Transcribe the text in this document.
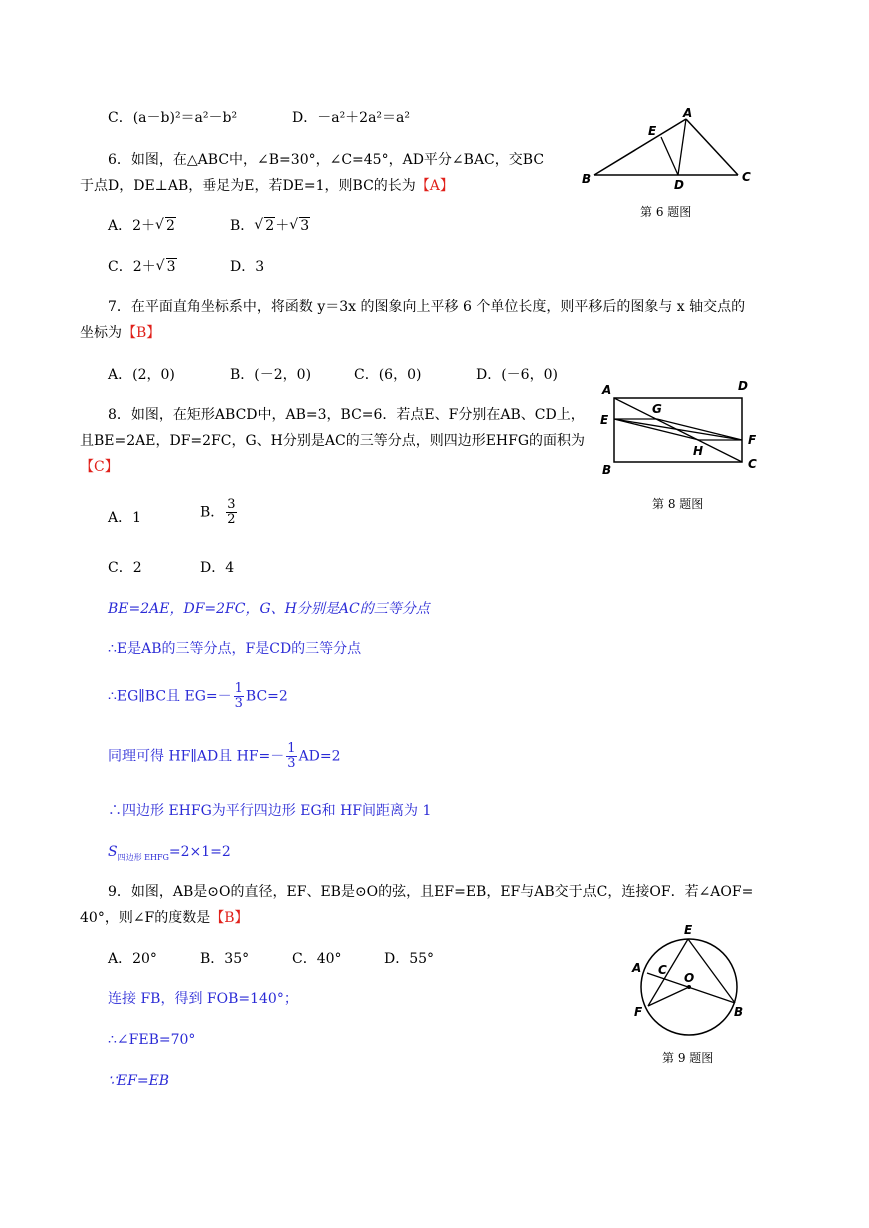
C．(a－b)²＝a²－b²	D．－a²＋2a²＝a²
6．如图，在△ABC中，∠B=30°，∠C=45°，AD平分∠BAC，交BC
于点D，DE⊥AB，垂足为E，若DE=1，则BC的长为【A】
A．2＋ √ 2	B． √ 2＋ √ 3
C．2＋ √ 3	D．3
A
E
B	D
C
第 6 题图
7．在平面直角坐标系中，将函数 y＝3x 的图象向上平移 6 个单位长度，则平移后的图象与 x 轴交点的
坐标为【B】
A．(2，0)	B．(－2，0)	C．(6，0)	D．(－6，0)
8．如图，在矩形ABCD中，AB=3，BC=6．若点E、F分别在AB、CD上，
且BE=2AE，DF=2FC，G、H分别是AC的三等分点，则四边形EHFG的面积为
【C】
A．1	B． $\frac{3}{2}$
C．2	D．4
A	D
G
E
F
H
B	C
第 8 题图
BE=2AE，DF=2FC，G、H分别是AC的三等分点
∴E是AB的三等分点，F是CD的三等分点
∴EG∥BC且 $EG=- \frac{1}{3} BC=2$
同理可得 HF∥AD且 $HF=- \frac{1}{3} AD=2$
∴四边形 EHFG为平行四边形 EG和 HF间距离为 1
$S_{四边形 EHFG}=2\times 1=2$
9．如图，AB是⊙O的直径，EF、EB是⊙O的弦，且EF=EB，EF与AB交于点C，连接OF．若∠AOF=
40°，则∠F的度数是【B】
A．20°	B．35°	C．40°	D．55°
E
A C
O
F	B
第 9 题图
连接 FB，得到 FOB=140°；
∴∠FEB=70°
∵EF=EB
